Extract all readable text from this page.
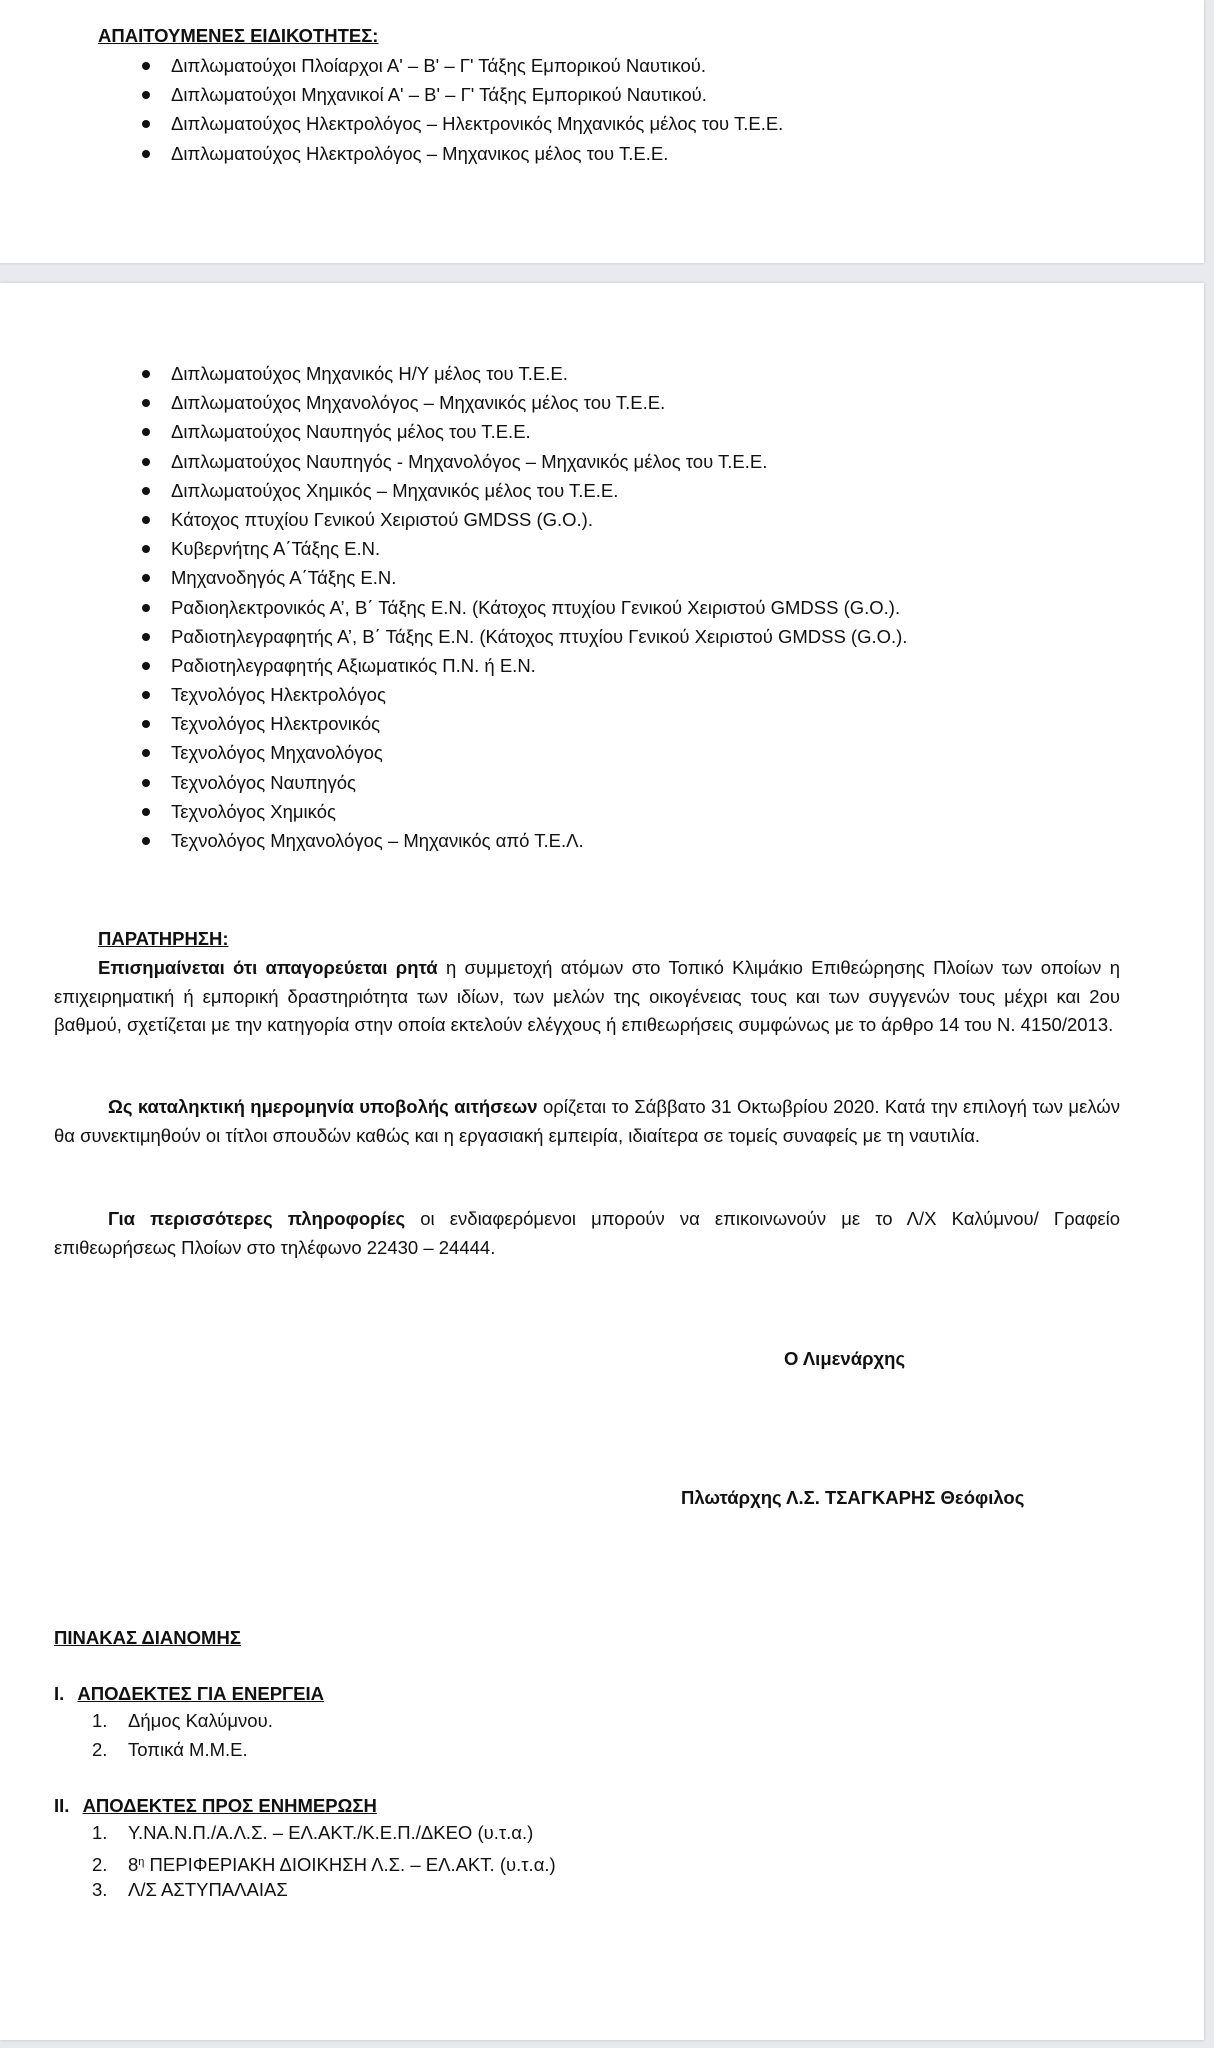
ΑΠΑΙΤΟΥΜΕΝΕΣ ΕΙΔΙΚΟΤΗΤΕΣ:
Διπλωματούχοι Πλοίαρχοι Α' – Β' – Γ' Τάξης Εμπορικού Ναυτικού.
Διπλωματούχοι Μηχανικοί Α' – Β' – Γ' Τάξης Εμπορικού Ναυτικού.
Διπλωματούχος Ηλεκτρολόγος – Ηλεκτρονικός Μηχανικός μέλος του Τ.Ε.Ε.
Διπλωματούχος Ηλεκτρολόγος – Μηχανικος μέλος του Τ.Ε.Ε.
Διπλωματούχος Μηχανικός Η/Υ μέλος του Τ.Ε.Ε.
Διπλωματούχος Μηχανολόγος – Μηχανικός μέλος του Τ.Ε.Ε.
Διπλωματούχος Ναυπηγός μέλος του Τ.Ε.Ε.
Διπλωματούχος Ναυπηγός - Μηχανολόγος – Μηχανικός μέλος του Τ.Ε.Ε.
Διπλωματούχος Χημικός – Μηχανικός μέλος του Τ.Ε.Ε.
Κάτοχος πτυχίου Γενικού Χειριστού GMDSS (G.O.).
Κυβερνήτης Α΄Τάξης Ε.Ν.
Μηχανοδηγός Α΄Τάξης Ε.Ν.
Ραδιοηλεκτρονικός Α’, Β΄ Τάξης Ε.Ν. (Κάτοχος πτυχίου Γενικού Χειριστού GMDSS (G.O.).
Ραδιοτηλεγραφητής Α’, Β΄ Τάξης Ε.Ν. (Κάτοχος πτυχίου Γενικού Χειριστού GMDSS (G.O.).
Ραδιοτηλεγραφητής Αξιωματικός Π.Ν. ή Ε.Ν.
Τεχνολόγος Ηλεκτρολόγος
Τεχνολόγος Ηλεκτρονικός
Τεχνολόγος Μηχανολόγος
Τεχνολόγος Ναυπηγός
Τεχνολόγος Χημικός
Τεχνολόγος Μηχανολόγος – Μηχανικός από Τ.Ε.Λ.
ΠΑΡΑΤΗΡΗΣΗ:
Επισημαίνεται ότι απαγορεύεται ρητά η συμμετοχή ατόμων στο Τοπικό Κλιμάκιο Επιθεώρησης Πλοίων των οποίων η επιχειρηματική ή εμπορική δραστηριότητα των ιδίων, των μελών της οικογένειας τους και των συγγενών τους μέχρι και 2ου βαθμού, σχετίζεται με την κατηγορία στην οποία εκτελούν ελέγχους ή επιθεωρήσεις συμφώνως με το άρθρο 14 του Ν. 4150/2013.
Ως καταληκτική ημερομηνία υποβολής αιτήσεων ορίζεται το Σάββατο 31 Οκτωβρίου 2020. Κατά την επιλογή των μελών θα συνεκτιμηθούν οι τίτλοι σπουδών καθώς και η εργασιακή εμπειρία, ιδιαίτερα σε τομείς συναφείς με τη ναυτιλία.
Για περισσότερες πληροφορίες οι ενδιαφερόμενοι μπορούν να επικοινωνούν με το Λ/Χ Καλύμνου/ Γραφείο επιθεωρήσεως Πλοίων στο τηλέφωνο 22430 – 24444.
Ο Λιμενάρχης
Πλωτάρχης Λ.Σ. ΤΣΑΓΚΑΡΗΣ Θεόφιλος
ΠΙΝΑΚΑΣ ΔΙΑΝΟΜΗΣ
Ι. ΑΠΟΔΕΚΤΕΣ ΓΙΑ ΕΝΕΡΓΕΙΑ
1. Δήμος Καλύμνου.
2. Τοπικά Μ.Μ.Ε.
ΙΙ. ΑΠΟΔΕΚΤΕΣ ΠΡΟΣ ΕΝΗΜΕΡΩΣΗ
1. Υ.ΝΑ.Ν.Π./Α.Λ.Σ. – ΕΛ.ΑΚΤ./Κ.Ε.Π./ΔΚΕΟ (υ.τ.α.)
2. $8^\eta$ ΠΕΡΙΦΕΡΙΑΚΗ ΔΙΟΙΚΗΣΗ Λ.Σ. – ΕΛ.ΑΚΤ. (υ.τ.α.)
3. Λ/Σ ΑΣΤΥΠΑΛΑΙΑΣ
